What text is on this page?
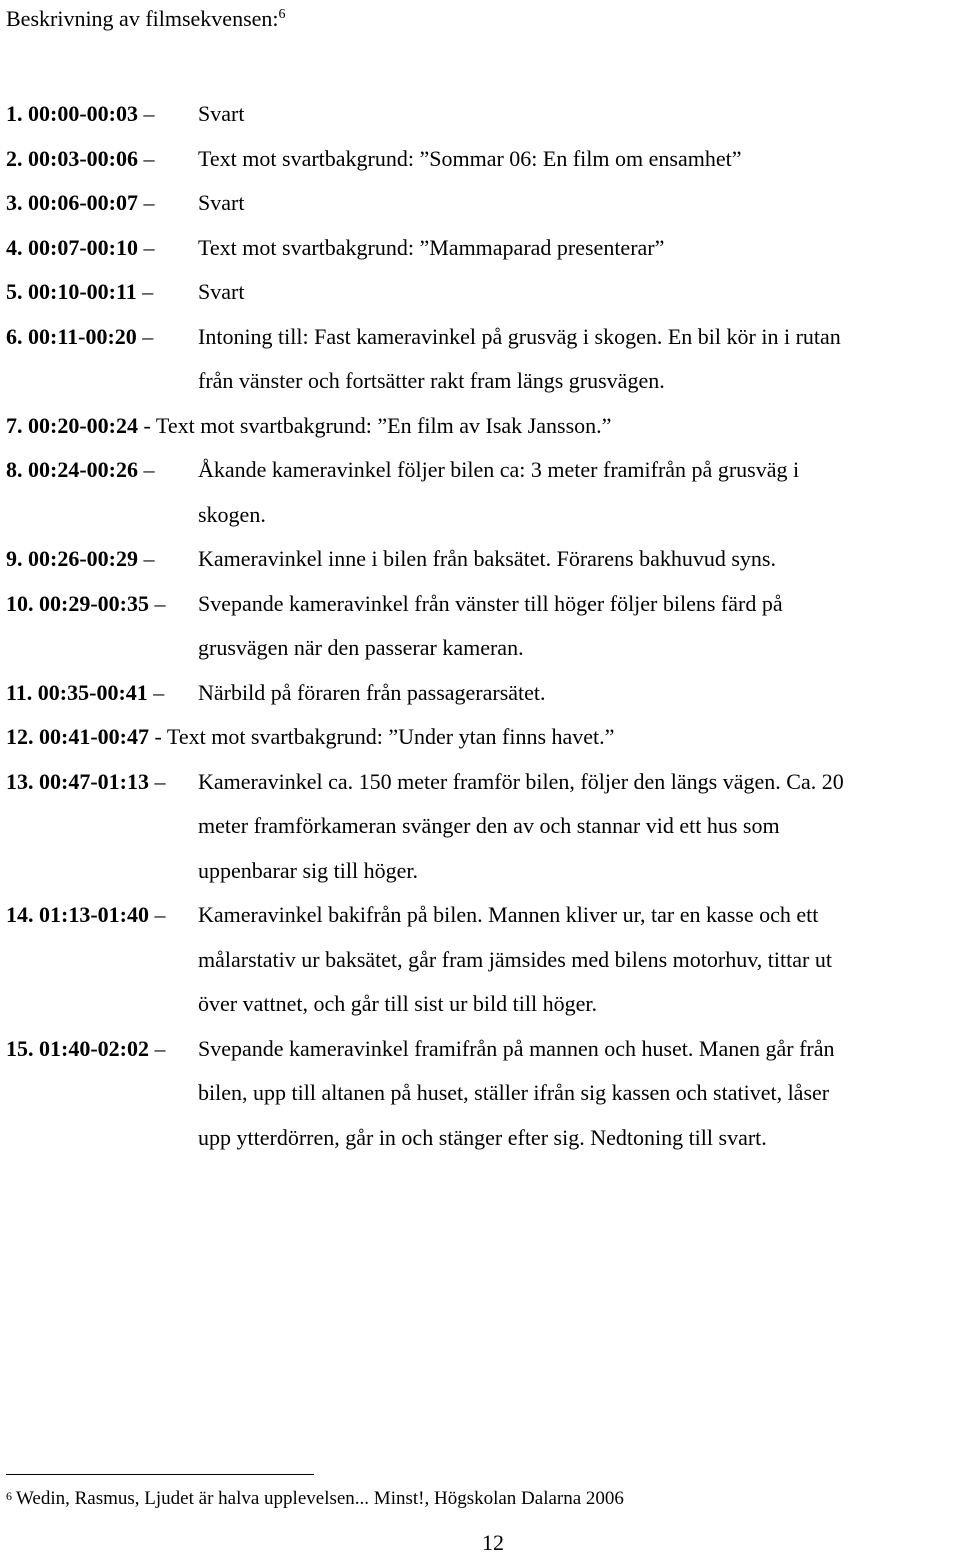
Beskrivning av filmsekvensen:$^6$
1. 00:00-00:03 – Svart
2. 00:03-00:06 – Text mot svartbakgrund: ”Sommar 06: En film om ensamhet”
3. 00:06-00:07 – Svart
4. 00:07-00:10 – Text mot svartbakgrund: ”Mammaparad presenterar”
5. 00:10-00:11 – Svart
6. 00:11-00:20 – Intoning till: Fast kameravinkel på grusväg i skogen. En bil kör in i rutan
från vänster och fortsätter rakt fram längs grusvägen.
7. 00:20-00:24 - Text mot svartbakgrund: ”En film av Isak Jansson.”
8. 00:24-00:26 – Åkande kameravinkel följer bilen ca: 3 meter framifrån på grusväg i
skogen.
9. 00:26-00:29 – Kameravinkel inne i bilen från baksätet. Förarens bakhuvud syns.
10. 00:29-00:35 – Svepande kameravinkel från vänster till höger följer bilens färd på
grusvägen när den passerar kameran.
11. 00:35-00:41 – Närbild på föraren från passagerarsätet.
12. 00:41-00:47 - Text mot svartbakgrund: ”Under ytan finns havet.”
13. 00:47-01:13 – Kameravinkel ca. 150 meter framför bilen, följer den längs vägen. Ca. 20
meter framförkameran svänger den av och stannar vid ett hus som
uppenbarar sig till höger.
14. 01:13-01:40 – Kameravinkel bakifrån på bilen. Mannen kliver ur, tar en kasse och ett
målarstativ ur baksätet, går fram jämsides med bilens motorhuv, tittar ut
över vattnet, och går till sist ur bild till höger.
15. 01:40-02:02 – Svepande kameravinkel framifrån på mannen och huset. Manen går från
bilen, upp till altanen på huset, ställer ifrån sig kassen och stativet, låser
upp ytterdörren, går in och stänger efter sig. Nedtoning till svart.
$^6$ Wedin, Rasmus, Ljudet är halva upplevelsen... Minst!, Högskolan Dalarna 2006
12
